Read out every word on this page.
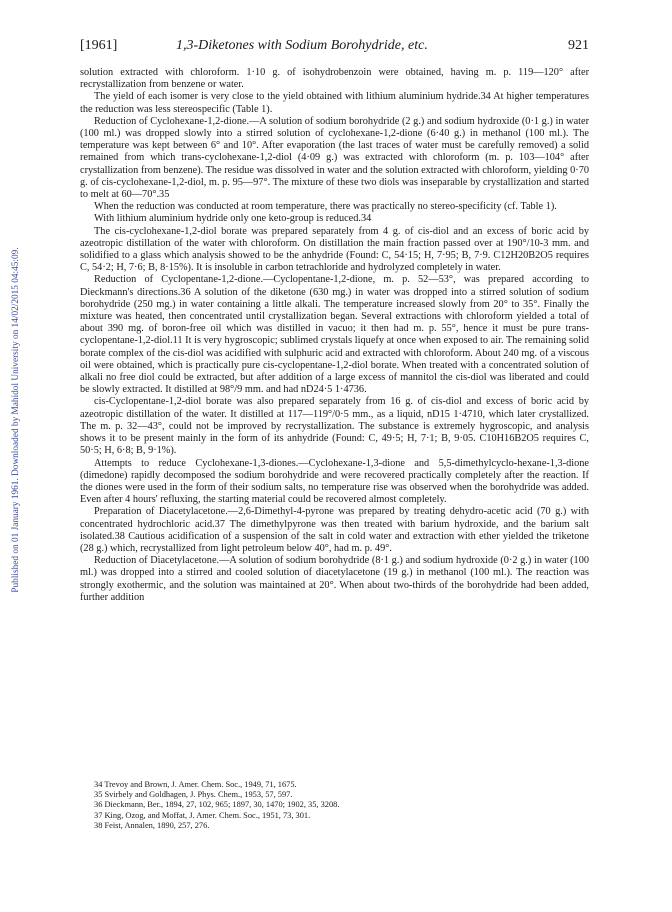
Published on 01 January 1961. Downloaded by Mahidol University on 14/02/2015 04:45:09.
[1961]	1,3-Diketones with Sodium Borohydride, etc.	921

solution extracted with chloroform. 1·10 g. of isohydrobenzoin were obtained, having m. p. 119—120° after recrystallization from benzene or water.

The yield of each isomer is very close to the yield obtained with lithium aluminium hydride.34 At higher temperatures the reduction was less stereospecific (Table 1).

Reduction of Cyclohexane-1,2-dione.—A solution of sodium borohydride (2 g.) and sodium hydroxide (0·1 g.) in water (100 ml.) was dropped slowly into a stirred solution of cyclohexane-1,2-dione (6·40 g.) in methanol (100 ml.). The temperature was kept between 6° and 10°. After evaporation (the last traces of water must be carefully removed) a solid remained from which trans-cyclohexane-1,2-diol (4·09 g.) was extracted with chloroform (m. p. 103—104° after crystallization from benzene). The residue was dissolved in water and the solution extracted with chloroform, yielding 0·70 g. of cis-cyclohexane-1,2-diol, m. p. 95—97°. The mixture of these two diols was inseparable by crystallization and started to melt at 60—70°.35

When the reduction was conducted at room temperature, there was practically no stereo-specificity (cf. Table 1).

With lithium aluminium hydride only one keto-group is reduced.34

The cis-cyclohexane-1,2-diol borate was prepared separately from 4 g. of cis-diol and an excess of boric acid by azeotropic distillation of the water with chloroform. On distillation the main fraction passed over at 190°/10-3 mm. and solidified to a glass which analysis showed to be the anhydride (Found: C, 54·15; H, 7·95; B, 7·9. C12H20B2O5 requires C, 54·2; H, 7·6; B, 8·15%). It is insoluble in carbon tetrachloride and hydrolyzed completely in water.

Reduction of Cyclopentane-1,2-dione.—Cyclopentane-1,2-dione, m. p. 52—53°, was prepared according to Dieckmann's directions.36 A solution of the diketone (630 mg.) in water was dropped into a stirred solution of sodium borohydride (250 mg.) in water containing a little alkali. The temperature increased slowly from 20° to 35°. Finally the mixture was heated, then concentrated until crystallization began. Several extractions with chloroform yielded a total of about 390 mg. of boron-free oil which was distilled in vacuo; it then had m. p. 55°, hence it must be pure trans-cyclopentane-1,2-diol.11 It is very hygroscopic; sublimed crystals liquefy at once when exposed to air. The remaining solid borate complex of the cis-diol was acidified with sulphuric acid and extracted with chloroform. About 240 mg. of a viscous oil were obtained, which is practically pure cis-cyclopentane-1,2-diol borate. When treated with a concentrated solution of alkali no free diol could be extracted, but after addition of a large excess of mannitol the cis-diol was liberated and could be slowly extracted. It distilled at 98°/9 mm. and had nD24·5 1·4736.

cis-Cyclopentane-1,2-diol borate was also prepared separately from 16 g. of cis-diol and excess of boric acid by azeotropic distillation of the water. It distilled at 117—119°/0·5 mm., as a liquid, nD15 1·4710, which later crystallized. The m. p. 32—43°, could not be improved by recrystallization. The substance is extremely hygroscopic, and analysis shows it to be present mainly in the form of its anhydride (Found: C, 49·5; H, 7·1; B, 9·05. C10H16B2O5 requires C, 50·5; H, 6·8; B, 9·1%).

Attempts to reduce Cyclohexane-1,3-diones.—Cyclohexane-1,3-dione and 5,5-dimethylcyclo-hexane-1,3-dione (dimedone) rapidly decomposed the sodium borohydride and were recovered practically completely after the reaction. If the diones were used in the form of their sodium salts, no temperature rise was observed when the borohydride was added. Even after 4 hours' refluxing, the starting material could be recovered almost completely.

Preparation of Diacetylacetone.—2,6-Dimethyl-4-pyrone was prepared by treating dehydro-acetic acid (70 g.) with concentrated hydrochloric acid.37 The dimethylpyrone was then treated with barium hydroxide, and the barium salt isolated.38 Cautious acidification of a suspension of the salt in cold water and extraction with ether yielded the triketone (28 g.) which, recrystallized from light petroleum below 40°, had m. p. 49°.

Reduction of Diacetylacetone.—A solution of sodium borohydride (8·1 g.) and sodium hydroxide (0·2 g.) in water (100 ml.) was dropped into a stirred and cooled solution of diacetylacetone (19 g.) in methanol (100 ml.). The reaction was strongly exothermic, and the solution was maintained at 20°. When about two-thirds of the borohydride had been added, further addition

34 Trevoy and Brown, J. Amer. Chem. Soc., 1949, 71, 1675.
35 Svirbely and Goldhagen, J. Phys. Chem., 1953, 57, 597.
36 Dieckmann, Ber., 1894, 27, 102, 965; 1897, 30, 1470; 1902, 35, 3208.
37 King, Ozog, and Moffat, J. Amer. Chem. Soc., 1951, 73, 301.
38 Feist, Annalen, 1890, 257, 276.
